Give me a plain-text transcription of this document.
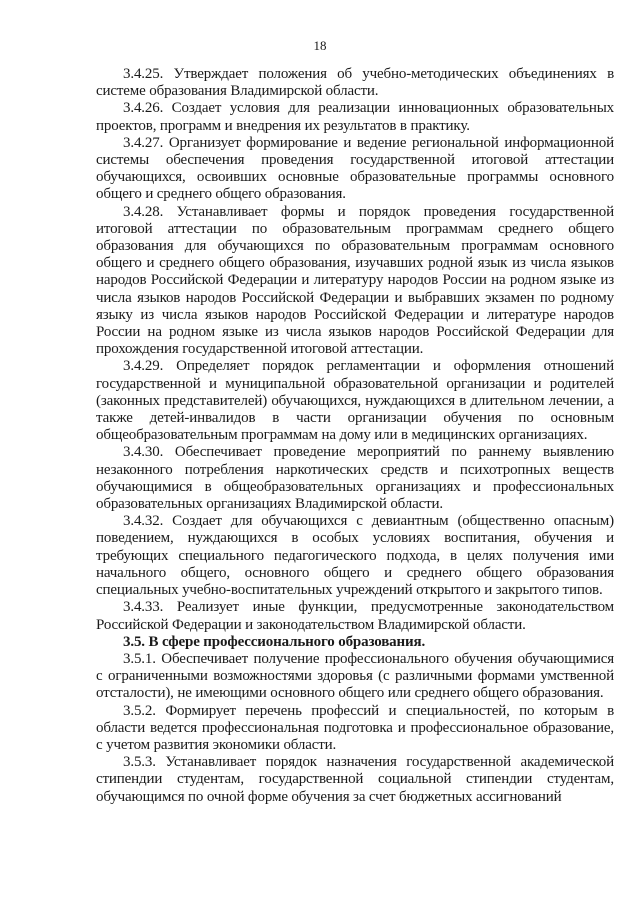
18

3.4.25. Утверждает положения об учебно-методических объединениях в системе образования Владимирской области.

3.4.26. Создает условия для реализации инновационных образовательных проектов, программ и внедрения их результатов в практику.

3.4.27. Организует формирование и ведение региональной информационной системы обеспечения проведения государственной итоговой аттестации обучающихся, освоивших основные образовательные программы основного общего и среднего общего образования.

3.4.28. Устанавливает формы и порядок проведения государственной итоговой аттестации по образовательным программам среднего общего образования для обучающихся по образовательным программам основного общего и среднего общего образования, изучавших родной язык из числа языков народов Российской Федерации и литературу народов России на родном языке из числа языков народов Российской Федерации и выбравших экзамен по родному языку из числа языков народов Российской Федерации и литературе народов России на родном языке из числа языков народов Российской Федерации для прохождения государственной итоговой аттестации.

3.4.29. Определяет порядок регламентации и оформления отношений государственной и муниципальной образовательной организации и родителей (законных представителей) обучающихся, нуждающихся в длительном лечении, а также детей-инвалидов в части организации обучения по основным общеобразовательным программам на дому или в медицинских организациях.

3.4.30. Обеспечивает проведение мероприятий по раннему выявлению незаконного потребления наркотических средств и психотропных веществ обучающимися в общеобразовательных организациях и профессиональных образовательных организациях Владимирской области.

3.4.32. Создает для обучающихся с девиантным (общественно опасным) поведением, нуждающихся в особых условиях воспитания, обучения и требующих специального педагогического подхода, в целях получения ими начального общего, основного общего и среднего общего образования специальных учебно-воспитательных учреждений открытого и закрытого типов.

3.4.33. Реализует иные функции, предусмотренные законодательством Российской Федерации и законодательством Владимирской области.

3.5. В сфере профессионального образования.

3.5.1. Обеспечивает получение профессионального обучения обучающимися с ограниченными возможностями здоровья (с различными формами умственной отсталости), не имеющими основного общего или среднего общего образования.

3.5.2. Формирует перечень профессий и специальностей, по которым в области ведется профессиональная подготовка и профессиональное образование, с учетом развития экономики области.

3.5.3. Устанавливает порядок назначения государственной академической стипендии студентам, государственной социальной стипендии студентам, обучающимся по очной форме обучения за счет бюджетных ассигнований
